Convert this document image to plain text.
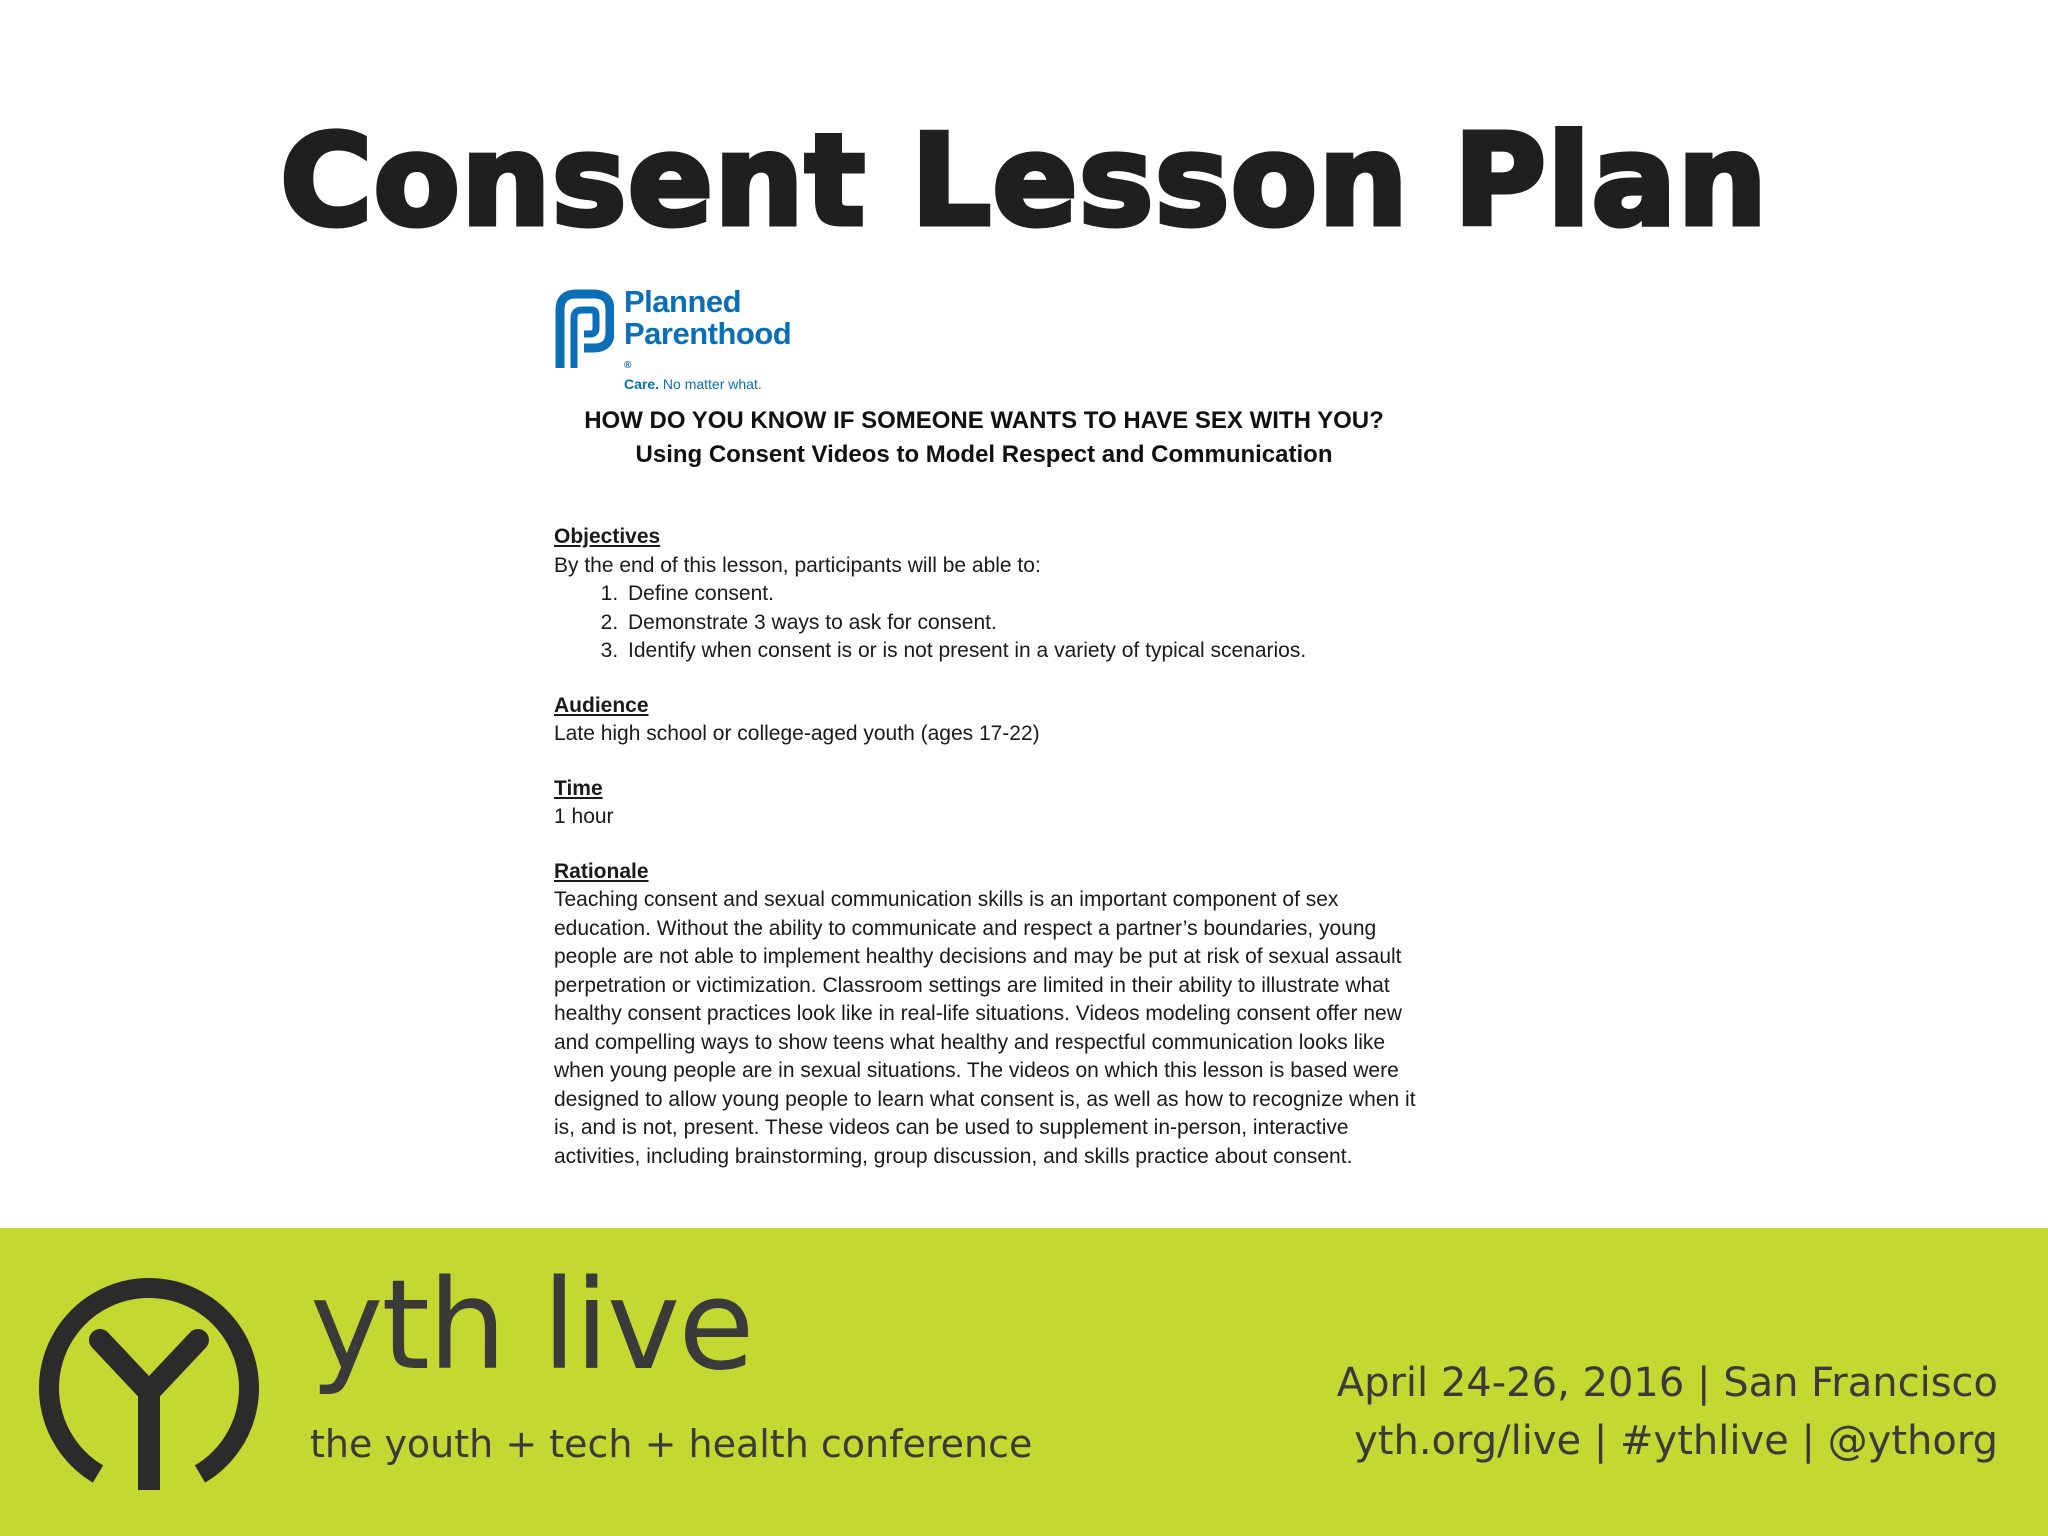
Consent Lesson Plan
Planned
Parenthood
®
Care. No matter what.
HOW DO YOU KNOW IF SOMEONE WANTS TO HAVE SEX WITH YOU?
Using Consent Videos to Model Respect and Communication

Objectives

By the end of this lesson, participants will be able to:

1. Define consent.
2. Demonstrate 3 ways to ask for consent.
3. Identify when consent is or is not present in a variety of typical scenarios.

Audience

Late high school or college-aged youth (ages 17-22)

Time

1 hour

Rationale

Teaching consent and sexual communication skills is an important component of sex

education. Without the ability to communicate and respect a partner’s boundaries, young

people are not able to implement healthy decisions and may be put at risk of sexual assault

perpetration or victimization. Classroom settings are limited in their ability to illustrate what

healthy consent practices look like in real-life situations. Videos modeling consent offer new

and compelling ways to show teens what healthy and respectful communication looks like

when young people are in sexual situations. The videos on which this lesson is based were

designed to allow young people to learn what consent is, as well as how to recognize when it

is, and is not, present. These videos can be used to supplement in-person, interactive

activities, including brainstorming, group discussion, and skills practice about consent.

yth live
the youth + tech + health conference
April 24-26, 2016 | San Francisco
yth.org/live | #ythlive | @ythorg
